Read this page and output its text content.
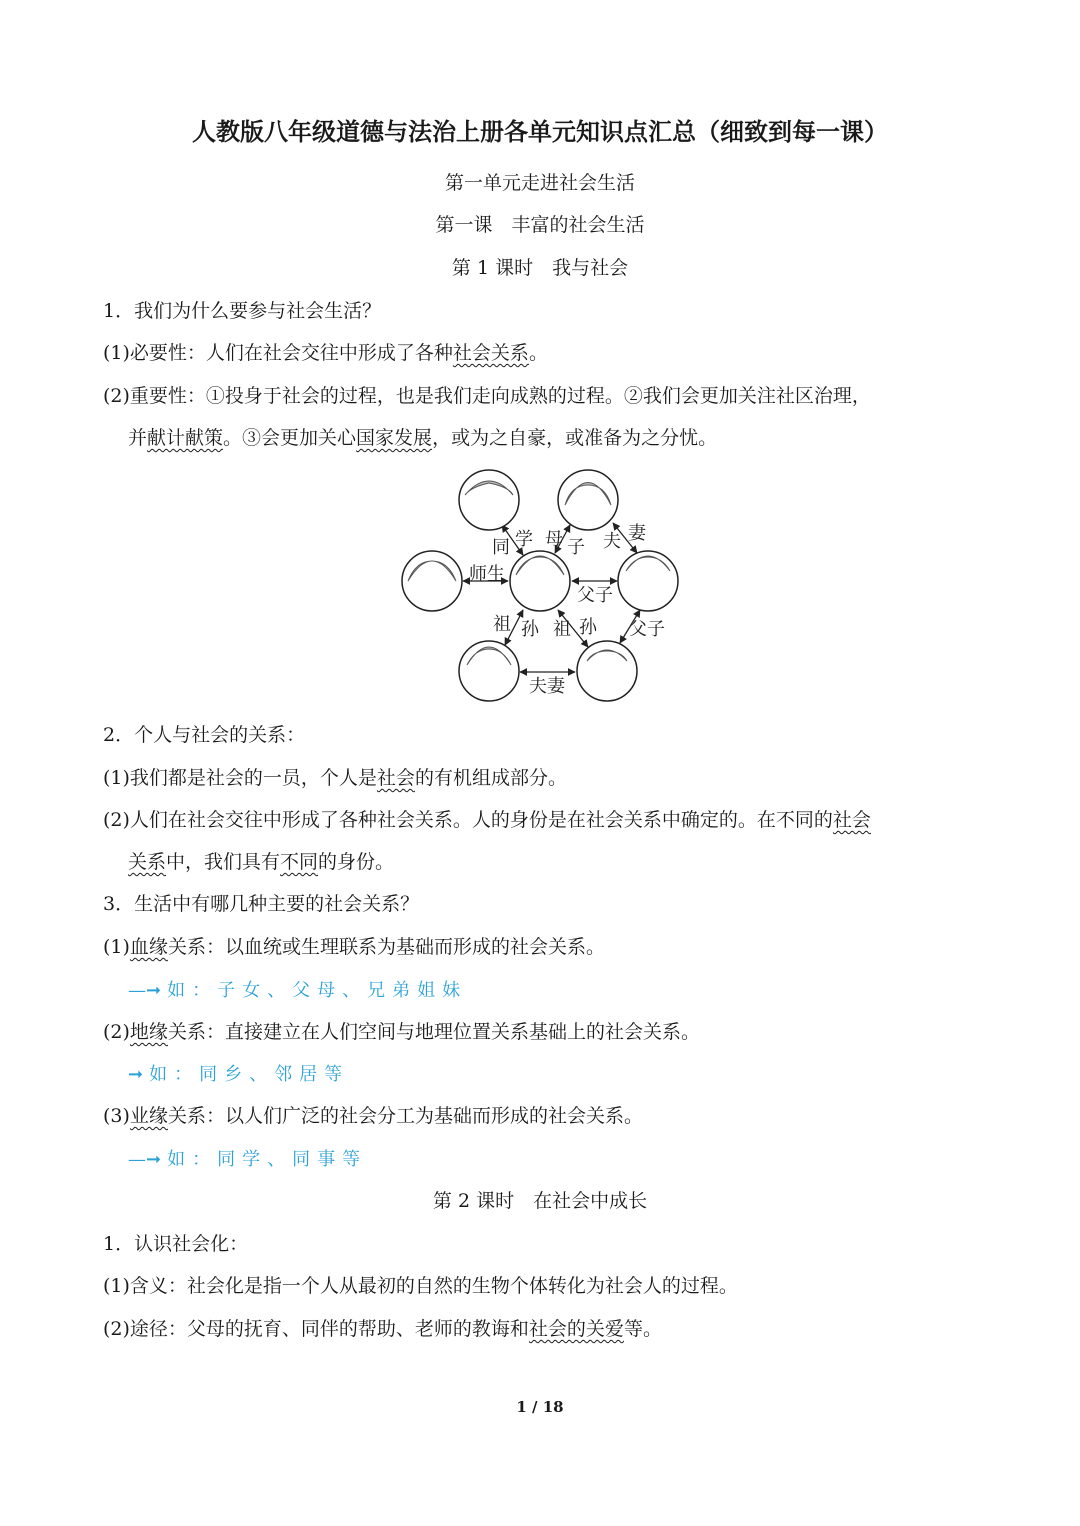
人教版八年级道德与法治上册各单元知识点汇总（细致到每一课）
第一单元走进社会生活
第一课　丰富的社会生活
第 1 课时　我与社会
第 2 课时　在社会中成长
1．我们为什么要参与社会生活？
(1)必要性：人们在社会交往中形成了各种社会关系。
(2)重要性：①投身于社会的过程，也是我们走向成熟的过程。②我们会更加关注社区治理，
并献计献策。③会更加关心国家发展，或为之自豪，或准备为之分忧。
2．个人与社会的关系：
(1)我们都是社会的一员，个人是社会的有机组成部分。
(2)人们在社会交往中形成了各种社会关系。人的身份是在社会关系中确定的。在不同的社会
关系中，我们具有不同的身份。
3．生活中有哪几种主要的社会关系？
(1)血缘关系：以血统或生理联系为基础而形成的社会关系。
(2)地缘关系：直接建立在人们空间与地理位置关系基础上的社会关系。
(3)业缘关系：以人们广泛的社会分工为基础而形成的社会关系。
1．认识社会化：
(1)含义：社会化是指一个人从最初的自然的生物个体转化为社会人的过程。
(2)途径：父母的抚育、同伴的帮助、老师的教诲和社会的关爱等。
—➞ 如：子女、父母、兄弟姐妹
➞ 如：同乡、邻居等
—➞ 如：同学、同事等
同 学 母 子 夫 妻
师生
父子
祖 孙 祖 孙 父子
夫妻
1 / 18
